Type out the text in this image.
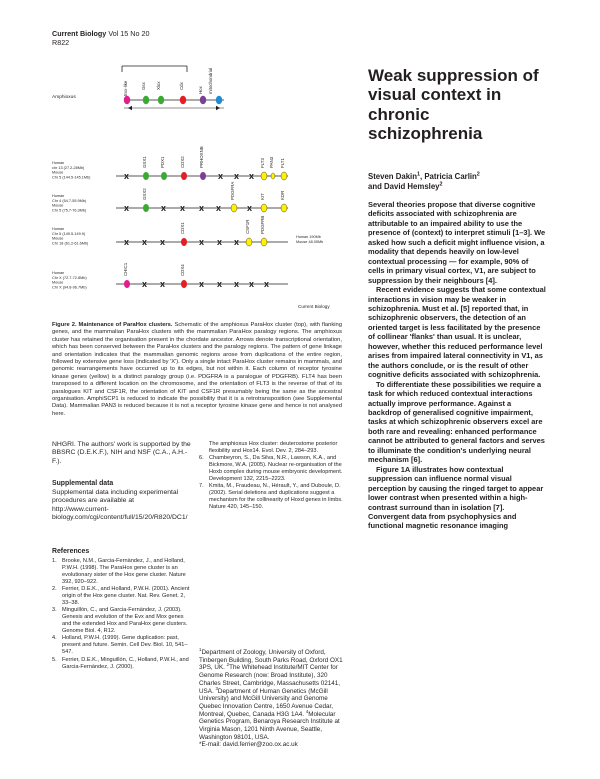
Current Biology Vol 15 No 20
R822
Amphioxus
Evx-like	Gsx Xlox	Cdx
Hox mitochondrial
Human chr 13 (27.2-28Mb) Mouse Chr 5 (144.5-145.1Mb)
GSX1	PDX1	CDX2	PRHOXNB	FLT3 PAN3 FLT1
x	x x x
Human Chr 4 (54.7-55.9Mb) Mouse Chr 5 (75.7-76.3Mb)
GSX2	PDGFRA	KIT	KDR
x	x x x x	x
Human Chr 5 (149.5-149.9) Mouse Chr 18 (61.2-61.6Mb)
CDX1	CSF1R PDGFRB
x x x	x x x	Human 190Mb Mouse 48.05Mb
Human Chr X (72.7-72.8Mb) Mouse Chr X (94.8-96.7Mb)
CHIC1	CDX4
x x	x x x x x
Current Biology
Figure 2. Maintenance of ParaHox clusters. Schematic of the amphioxus ParaHox cluster (top), with flanking genes, and the mammalian ParaHox clusters with the mammalian ParaHox paralogy regions. The amphioxus cluster has retained the organisation present in the chordate ancestor. Arrows denote transcriptional orientation, which has been conserved between the ParaHox clusters and the paralogy regions. The pattern of gene linkage and orientation indicates that the mammalian genomic regions arose from duplications of the entire region, followed by extensive gene loss (indicated by 'X'). Only a single intact ParaHox cluster remains in mammals, and genomic rearrangements have occurred up to its edges, but not within it. Each column of receptor tyrosine kinase genes (yellow) is a distinct paralogy group (i.e. PDGFRA is a paralogue of PDGFRB). FLT4 has been transposed to a different location on the chromosome, and the orientation of FLT3 is the reverse of that of its paralogues KIT and CSF1R, the orientation of KIT and CSF1R presumably being the same as the ancestral organisation. AmphiSCP1 is reduced to indicate the possibility that it is a retrotransposition (see Supplemental Data). Mammalian PAN3 is reduced because it is not a receptor tyrosine kinase gene and hence is not analysed here.
NHGRI. The authors' work is supported by the BBSRC (D.E.K.F.), NIH and NSF (C.A., A.H.-F.).
Supplemental data
Supplemental data including experimental procedures are available at http://www.current-biology.com/cgi/content/full/15/20/R820/DC1/
References
1. Brooke, N.M., Garcia-Fernàndez, J., and Holland, P.W.H. (1998). The ParaHox gene cluster is an evolutionary sister of the Hox gene cluster. Nature 392, 920–922.
2. Ferrier, D.E.K., and Holland, P.W.H. (2001). Ancient origin of the Hox gene cluster. Nat. Rev. Genet. 2, 33–38.
3. Minguillón, C., and Garcia-Fernàndez, J. (2003). Genesis and evolution of the Evx and Mox genes and the extended Hox and ParaHox gene clusters. Genome Biol. 4, R12.
4. Holland, P.W.H. (1999). Gene duplication: past, present and future. Semin. Cell Dev. Biol. 10, 541–547.
5. Ferrier, D.E.K., Minguillón, C., Holland, P.W.H., and Garcia-Fernàndez, J. (2000).
The amphioxus Hox cluster: deuterostome posterior flexibility and Hox14. Evol. Dev. 2, 284–293.
6. Chambeyron, S., Da Silva, N.R., Lawson, K.A., and Bickmore, W.A. (2005). Nuclear re-organisation of the Hoxb complex during mouse embryonic development. Development 132, 2215–2223.
7. Kmita, M., Fraudeau, N., Hérault, Y., and Duboule, D. (2002). Serial deletions and duplications suggest a mechanism for the collinearity of Hoxd genes in limbs. Nature 420, 145–150.
$^1$Department of Zoology, University of Oxford, Tinbergen Building, South Parks Road, Oxford OX1 3PS, UK. $^2$The Whitehead Institute/MIT Center for Genome Research (now: Broad Institute), 320 Charles Street, Cambridge, Massachusetts 02141, USA. $^3$Department of Human Genetics (McGill University) and McGill University and Genome Quebec Innovation Centre, 1650 Avenue Cedar, Montreal, Quebec, Canada H3G 1A4. $^4$Molecular Genetics Program, Benaroya Research Institute at Virginia Mason, 1201 Ninth Avenue, Seattle, Washington 98101, USA.
*E-mail: david.ferrier@zoo.ox.ac.uk
Weak suppression of visual context in chronic schizophrenia
Steven Dakin$^1$, Patricia Carlin$^2$
and David Hemsley$^2$

Several theories propose that diverse cognitive deficits associated with schizophrenia are attributable to an impaired ability to use the presence of (context) to interpret stimuli [1–3]. We asked how such a deficit might influence vision, a modality that depends heavily on low-level contextual processing — for example, 90% of cells in primary visual cortex, V1, are subject to suppression by their neighbours [4].

Recent evidence suggests that some contextual interactions in vision may be weaker in schizophrenia. Must et al. [5] reported that, in schizophrenic observers, the detection of an oriented target is less facilitated by the presence of collinear 'flanks' than usual. It is unclear, however, whether this reduced performance level arises from impaired lateral connectivity in V1, as the authors conclude, or is the result of other cognitive deficits associated with schizophrenia.

To differentiate these possibilities we require a task for which reduced contextual interactions actually improve performance. Against a backdrop of generalised cognitive impairment, tasks at which schizophrenic observers excel are both rare and revealing: enhanced performance cannot be attributed to general factors and serves to illuminate the condition's underlying neural mechanism [6].

Figure 1A illustrates how contextual suppression can influence normal visual perception by causing the ringed target to appear lower contrast when presented within a high-contrast surround than in isolation [7]. Convergent data from psychophysics and functional magnetic resonance imaging
